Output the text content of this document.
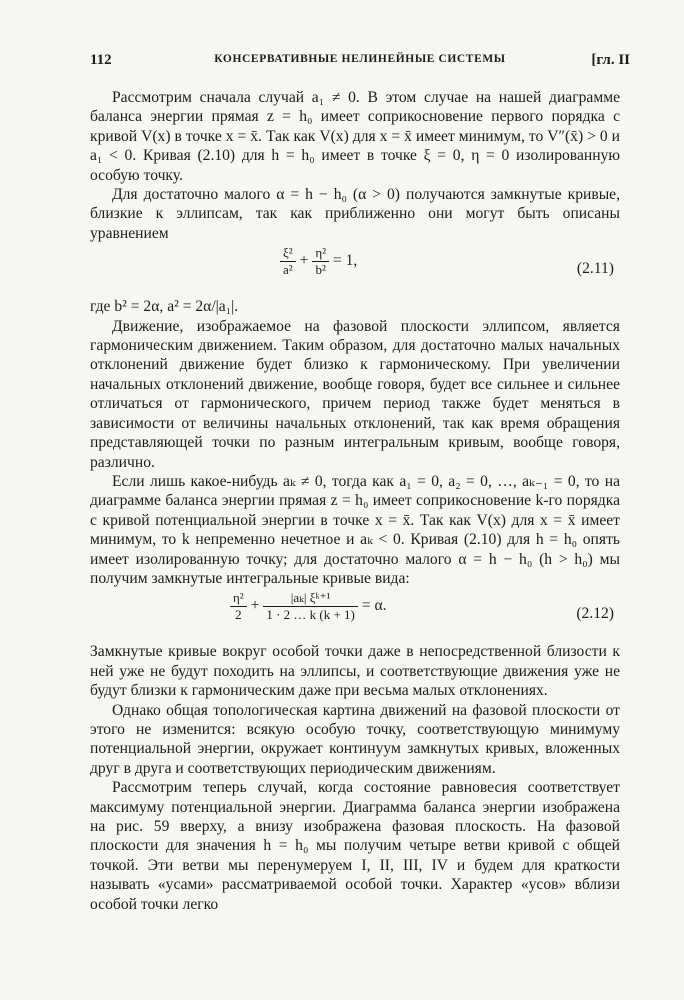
112	КОНСЕРВАТИВНЫЕ НЕЛИНЕЙНЫЕ СИСТЕМЫ	[гл. II

Рассмотрим сначала случай a₁ ≠ 0. В этом случае на нашей диаграмме баланса энергии прямая z = h₀ имеет соприкосновение первого порядка с кривой V(x) в точке x = x̄. Так как V(x) для x = x̄ имеет минимум, то V″(x̄) > 0 и a₁ < 0. Кривая (2.10) для h = h₀ имеет в точке ξ = 0, η = 0 изолированную особую точку.

Для достаточно малого α = h − h₀ (α > 0) получаются замкнутые кривые, близкие к эллипсам, так как приближенно они могут быть описаны уравнением

$\frac{\text{ξ²}}{\text{a²}} + \frac{\text{η²}}{\text{b²}} = 1$,	(2.11)

где b² = 2α, a² = 2α/|a₁|.

Движение, изображаемое на фазовой плоскости эллипсом, является гармоническим движением. Таким образом, для достаточно малых начальных отклонений движение будет близко к гармоническому. При увеличении начальных отклонений движение, вообще говоря, будет все сильнее и сильнее отличаться от гармонического, причем период также будет меняться в зависимости от величины начальных отклонений, так как время обращения представляющей точки по разным интегральным кривым, вообще говоря, различно.

Если лишь какое-нибудь aₖ ≠ 0, тогда как a₁ = 0, a₂ = 0, …, aₖ₋₁ = 0, то на диаграмме баланса энергии прямая z = h₀ имеет соприкосновение k-го порядка с кривой потенциальной энергии в точке x = x̄. Так как V(x) для x = x̄ имеет минимум, то k непременно нечетное и aₖ < 0. Кривая (2.10) для h = h₀ опять имеет изолированную точку; для достаточно малого α = h − h₀ (h > h₀) мы получим замкнутые интегральные кривые вида:

$\frac{\text{η²}}{2} + \frac{\text{|aₖ| ξᵏ⁺¹}}{1 \cdot 2 \dots k (k + 1)} = \alpha$.	(2.12)

Замкнутые кривые вокруг особой точки даже в непосредственной близости к ней уже не будут походить на эллипсы, и соответствующие движения уже не будут близки к гармоническим даже при весьма малых отклонениях.

Однако общая топологическая картина движений на фазовой плоскости от этого не изменится: всякую особую точку, соответствующую минимуму потенциальной энергии, окружает континуум замкнутых кривых, вложенных друг в друга и соответствующих периодическим движениям.

Рассмотрим теперь случай, когда состояние равновесия соответствует максимуму потенциальной энергии. Диаграмма баланса энергии изображена на рис. 59 вверху, а внизу изображена фазовая плоскость. На фазовой плоскости для значения h = h₀ мы получим четыре ветви кривой с общей точкой. Эти ветви мы перенумеруем I, II, III, IV и будем для краткости называть «усами» рассматриваемой особой точки. Характер «усов» вблизи особой точки легко
